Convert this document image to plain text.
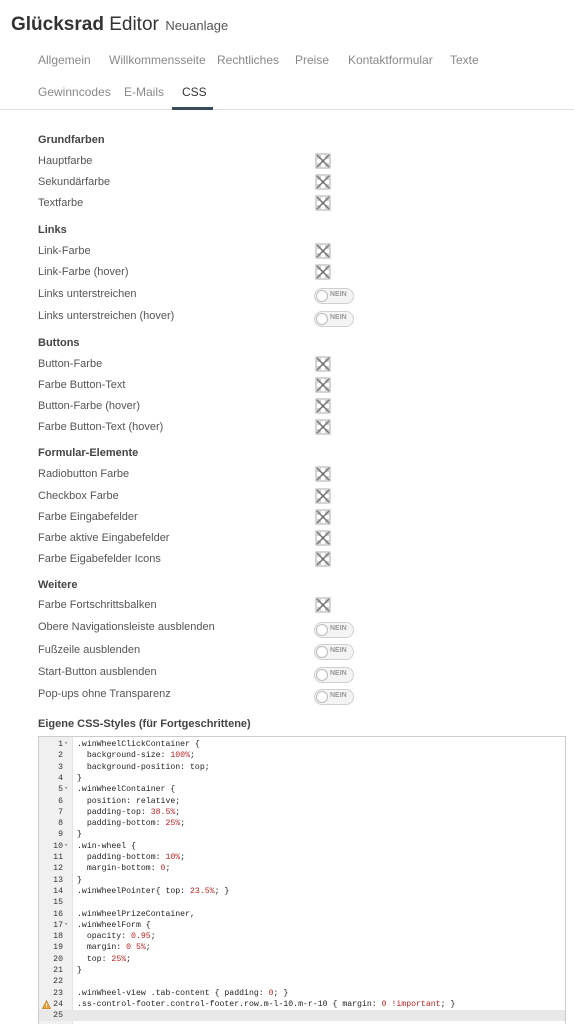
Glücksrad Editor Neuanlage
Allgemein Willkommensseite Rechtliches Preise Kontaktformular Texte
Gewinncodes E-Mails CSS
Grundfarben
Hauptfarbe
Sekundärfarbe
Textfarbe
Links
Link-Farbe
Link-Farbe (hover)
Links unterstreichen	NEIN
Links unterstreichen (hover)	NEIN
Buttons
Button-Farbe
Farbe Button-Text
Button-Farbe (hover)
Farbe Button-Text (hover)
Formular-Elemente
Radiobutton Farbe
Checkbox Farbe
Farbe Eingabefelder
Farbe aktive Eingabefelder
Farbe Eigabefelder Icons
Weitere
Farbe Fortschrittsbalken
Obere Navigationsleiste ausblenden	NEIN
Fußzeile ausblenden	NEIN
Start-Button ausblenden	NEIN
Pop-ups ohne Transparenz	NEIN
Eigene CSS-Styles (für Fortgeschrittene)
1 ▾ .winWheelClickContainer {
2 background-size: 100%;
3 background-position: top;
4 }
5 ▾ .winWheelContainer {
6 position: relative;
7 padding-top: 38.5%;
8 padding-bottom: 25%;
9 }
10 ▾ .win-wheel {
11 padding-bottom: 10%;
12 margin-bottom: 0;
13 }
14 .winWheelPointer{ top: 23.5%; }
15
16 .winWheelPrizeContainer,
17 ▾ .winWheelForm {
18 opacity: 0.95;
19 margin: 0 5%;
20 top: 25%;
21 }
22
23 .winWheel-view .tab-content { padding: 0; }
24 .ss-control-footer.control-footer.row.m-l-10.m-r-10 { margin: 0 !important; }
25
